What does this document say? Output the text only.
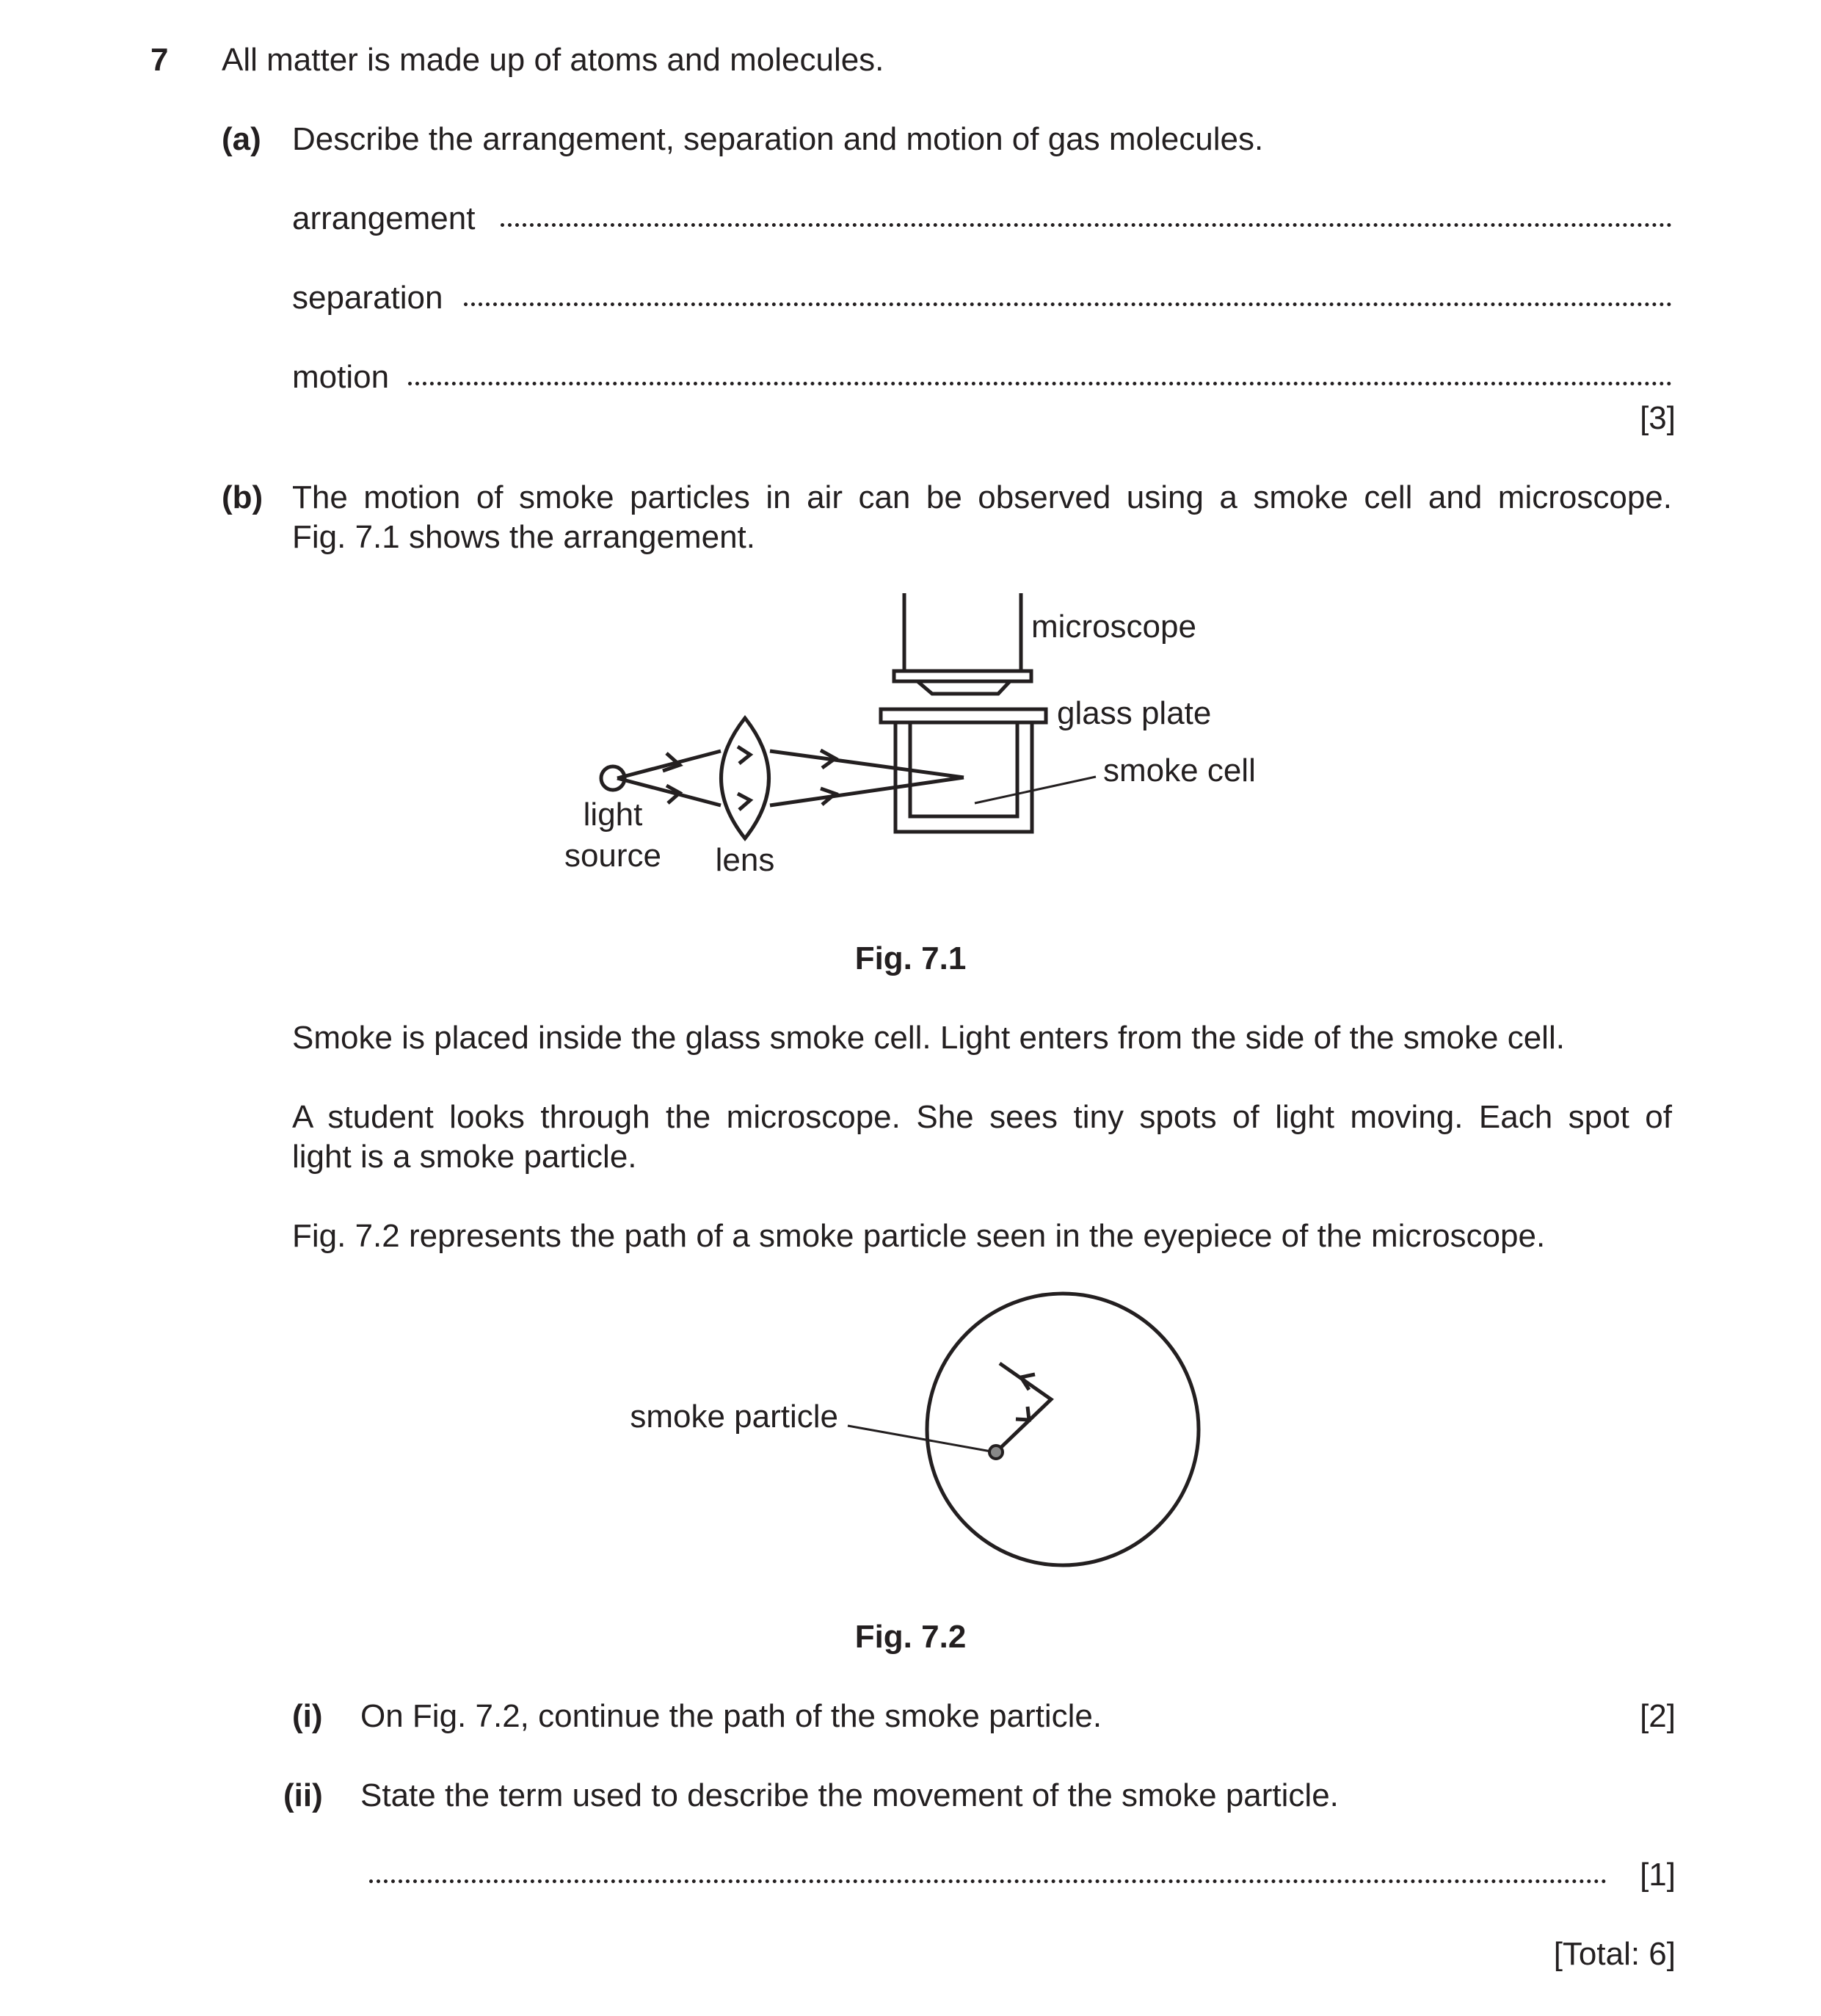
7 All matter is made up of atoms and molecules.
(a) Describe the arrangement, separation and motion of gas molecules.
arrangement
separation
motion
[3]
(b) The motion of smoke particles in air can be observed using a smoke cell and microscope.
Fig. 7.1 shows the arrangement.
microscope
glass plate
smoke cell
light
source lens
Fig. 7.1
Smoke is placed inside the glass smoke cell. Light enters from the side of the smoke cell.
A student looks through the microscope. She sees tiny spots of light moving. Each spot of
light is a smoke particle.
Fig. 7.2 represents the path of a smoke particle seen in the eyepiece of the microscope.
smoke particle
Fig. 7.2
(i) On Fig. 7.2, continue the path of the smoke particle.	[2]
(ii) State the term used to describe the movement of the smoke particle.
[1]
[Total: 6]
